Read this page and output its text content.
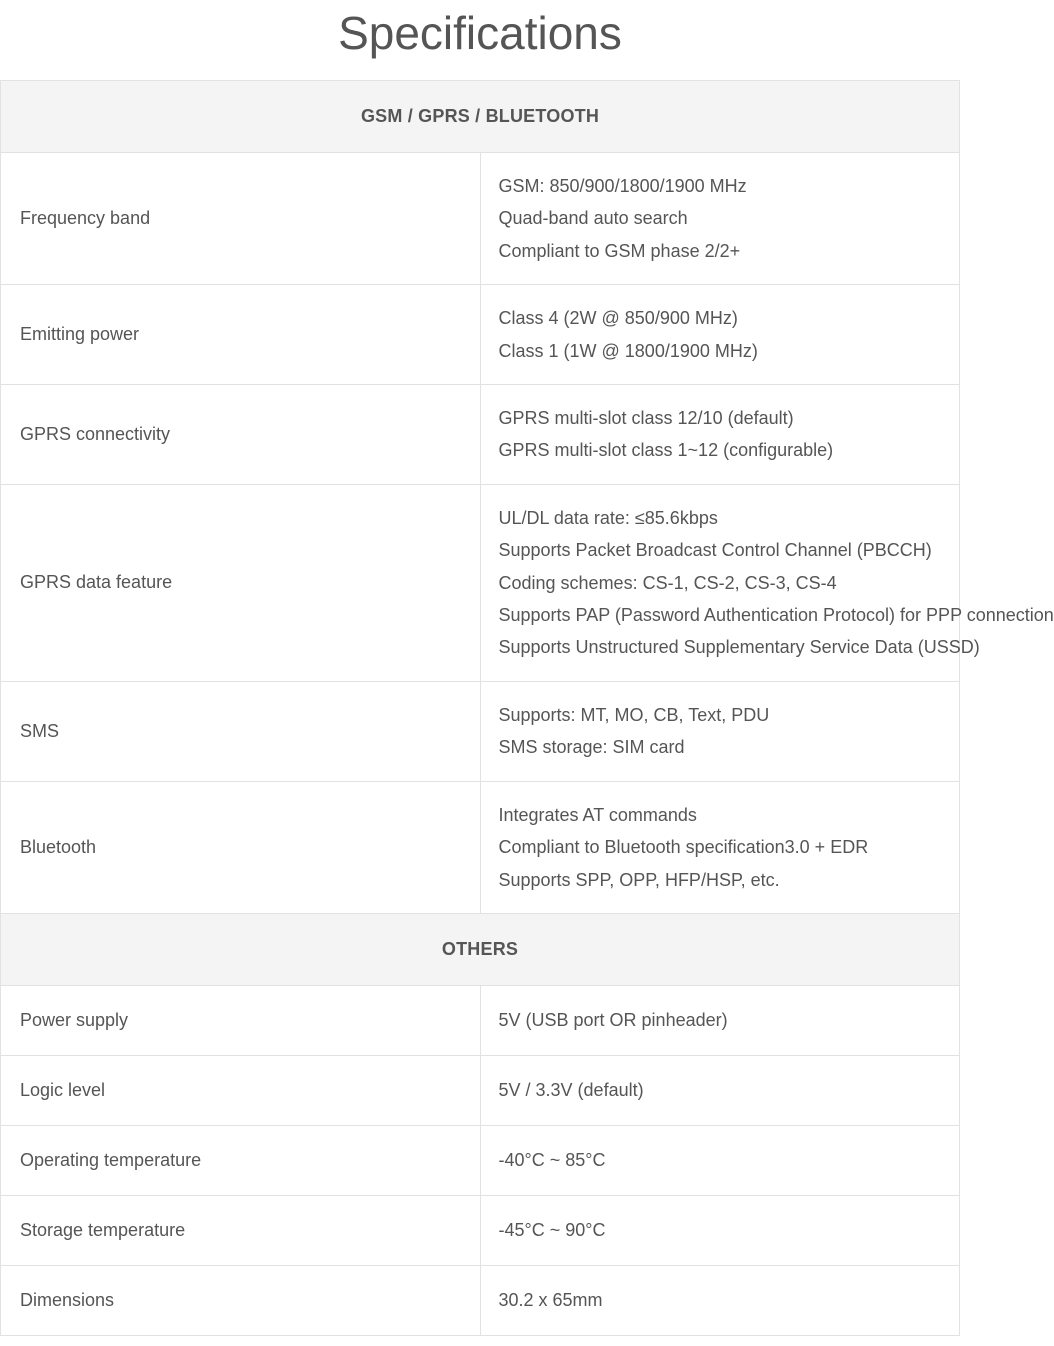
Specifications
GSM / GPRS / BLUETOOTH	
Frequency band	GSM: 850/900/1800/1900 MHz
Quad-band auto search
Compliant to GSM phase 2/2+

Emitting power	Class 4 (2W @ 850/900 MHz)
Class 1 (1W @ 1800/1900 MHz)

GPRS connectivity	GPRS multi-slot class 12/10 (default)
GPRS multi-slot class 1~12 (configurable)

GPRS data feature	UL/DL data rate: ≤85.6kbps
Supports Packet Broadcast Control Channel (PBCCH)
Coding schemes: CS-1, CS-2, CS-3, CS-4
Supports PAP (Password Authentication Protocol) for PPP connection
Supports Unstructured Supplementary Service Data (USSD)

SMS	Supports: MT, MO, CB, Text, PDU
SMS storage: SIM card

Bluetooth	Integrates AT commands
Compliant to Bluetooth specification3.0 + EDR
Supports SPP, OPP, HFP/HSP, etc.

OTHERS	
Power supply	5V (USB port OR pinheader)

Logic level	5V / 3.3V (default)

Operating temperature	-40°C ~ 85°C

Storage temperature	-45°C ~ 90°C

Dimensions	30.2 x 65mm
